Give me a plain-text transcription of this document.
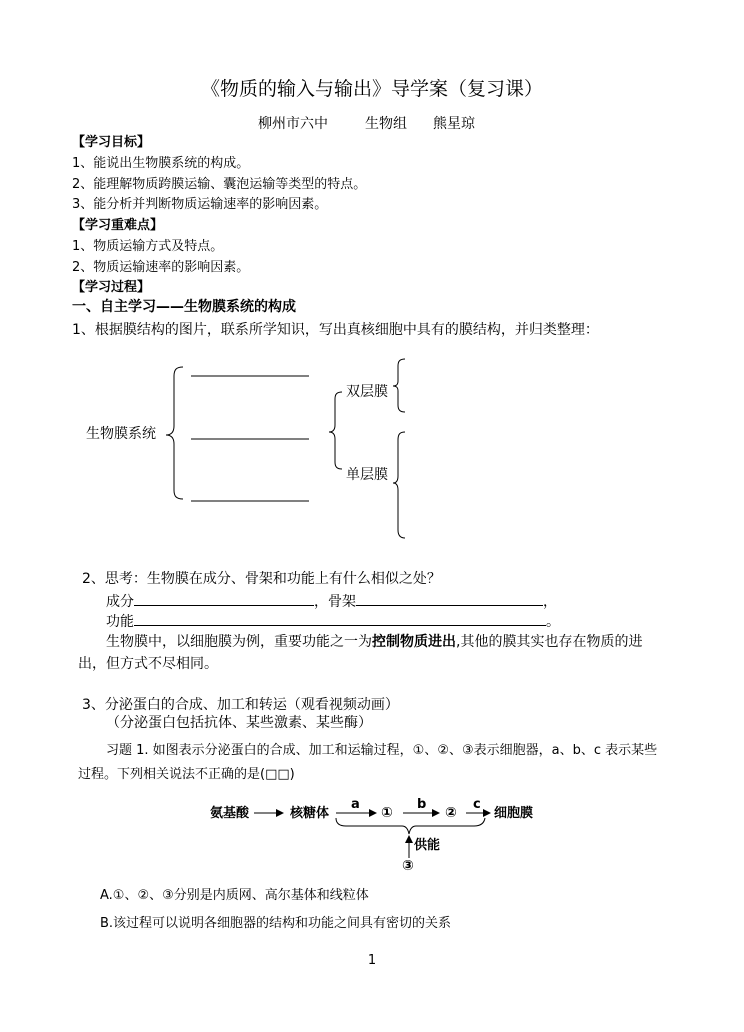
《物质的输入与输出》导学案（复习课）
柳州市六中	生物组 熊星琼
【学习目标】
1、能说出生物膜系统的构成。
2、能理解物质跨膜运输、囊泡运输等类型的特点。
3、能分析并判断物质运输速率的影响因素。
【学习重难点】
1、物质运输方式及特点。
2、物质运输速率的影响因素。
【学习过程】
一、自主学习——生物膜系统的构成
1、根据膜结构的图片，联系所学知识，写出真核细胞中具有的膜结构，并归类整理：
生物膜系统
双层膜
单层膜
2、思考：生物膜在成分、骨架和功能上有什么相似之处？
成分	，骨架	，
功能	。
生物膜中，以细胞膜为例，重要功能之一为控制物质进出,其他的膜其实也存在物质的进
出，但方式不尽相同。
3、分泌蛋白的合成、加工和转运（观看视频动画）
（分泌蛋白包括抗体、某些激素、某些酶）
习题 1. 如图表示分泌蛋白的合成、加工和运输过程，①、②、③表示细胞器，a、b、c 表示某些
过程。下列相关说法不正确的是(□□)
氨基酸	核糖体
a
①
b
②
c
细胞膜
供能
③
A.①、②、③分别是内质网、高尔基体和线粒体
B.该过程可以说明各细胞器的结构和功能之间具有密切的关系
1
